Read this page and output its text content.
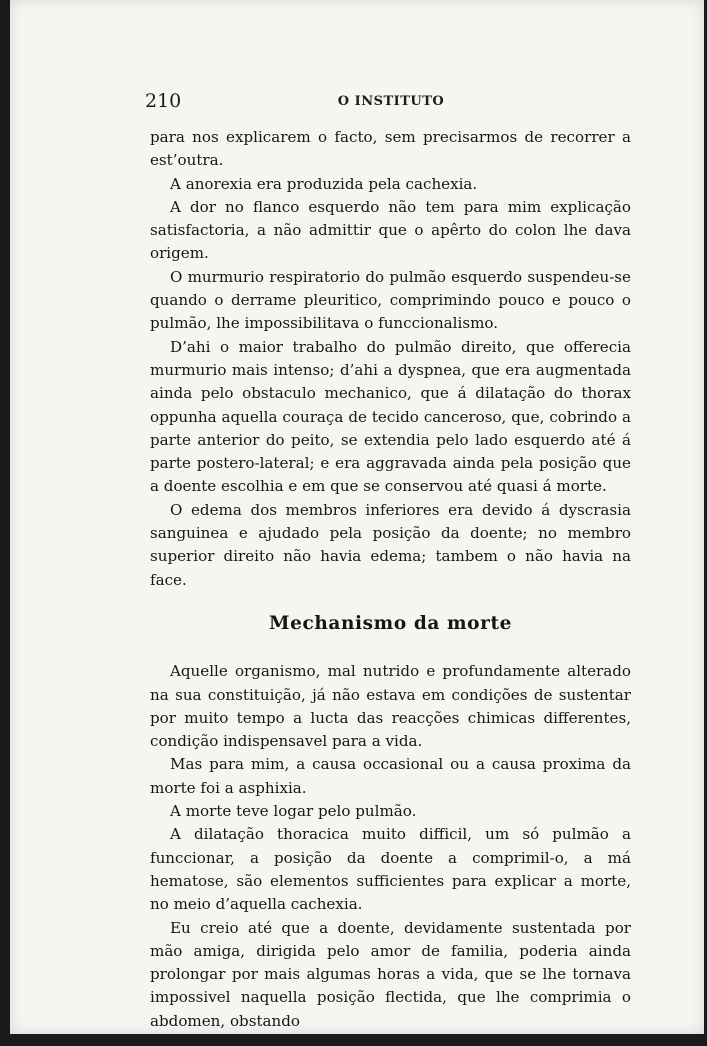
210	O INSTITUTO

para nos explicarem o facto, sem precisarmos de recorrer a est’outra.

A anorexia era produzida pela cachexia.

A dor no flanco esquerdo não tem para mim explicação satisfactoria, a não admittir que o apêrto do colon lhe dava origem.

O murmurio respiratorio do pulmão esquerdo suspendeu-se quando o derrame pleuritico, comprimindo pouco e pouco o pulmão, lhe impossibilitava o funccionalismo.

D’ahi o maior trabalho do pulmão direito, que offerecia murmurio mais intenso; d’ahi a dyspnea, que era augmentada ainda pelo obstaculo mechanico, que á dilatação do thorax oppunha aquella couraça de tecido canceroso, que, cobrindo a parte anterior do peito, se extendia pelo lado esquerdo até á parte postero-lateral; e era aggravada ainda pela posição que a doente escolhia e em que se conservou até quasi á morte.

O edema dos membros inferiores era devido á dyscrasia sanguinea e ajudado pela posição da doente; no membro superior direito não havia edema; tambem o não havia na face.

Mechanismo da morte

Aquelle organismo, mal nutrido e profundamente alterado na sua constituição, já não estava em condições de sustentar por muito tempo a lucta das reacções chimicas differentes, condição indispensavel para a vida.

Mas para mim, a causa occasional ou a causa proxima da morte foi a asphixia.

A morte teve logar pelo pulmão.

A dilatação thoracica muito difficil, um só pulmão a funccionar, a posição da doente a comprimil-o, a má hematose, são elementos sufficientes para explicar a morte, no meio d’aquella cachexia.

Eu creio até que a doente, devidamente sustentada por mão amiga, dirigida pelo amor de familia, poderia ainda prolongar por mais algumas horas a vida, que se lhe tornava impossivel naquella posição flectida, que lhe comprimia o abdomen, obstando
